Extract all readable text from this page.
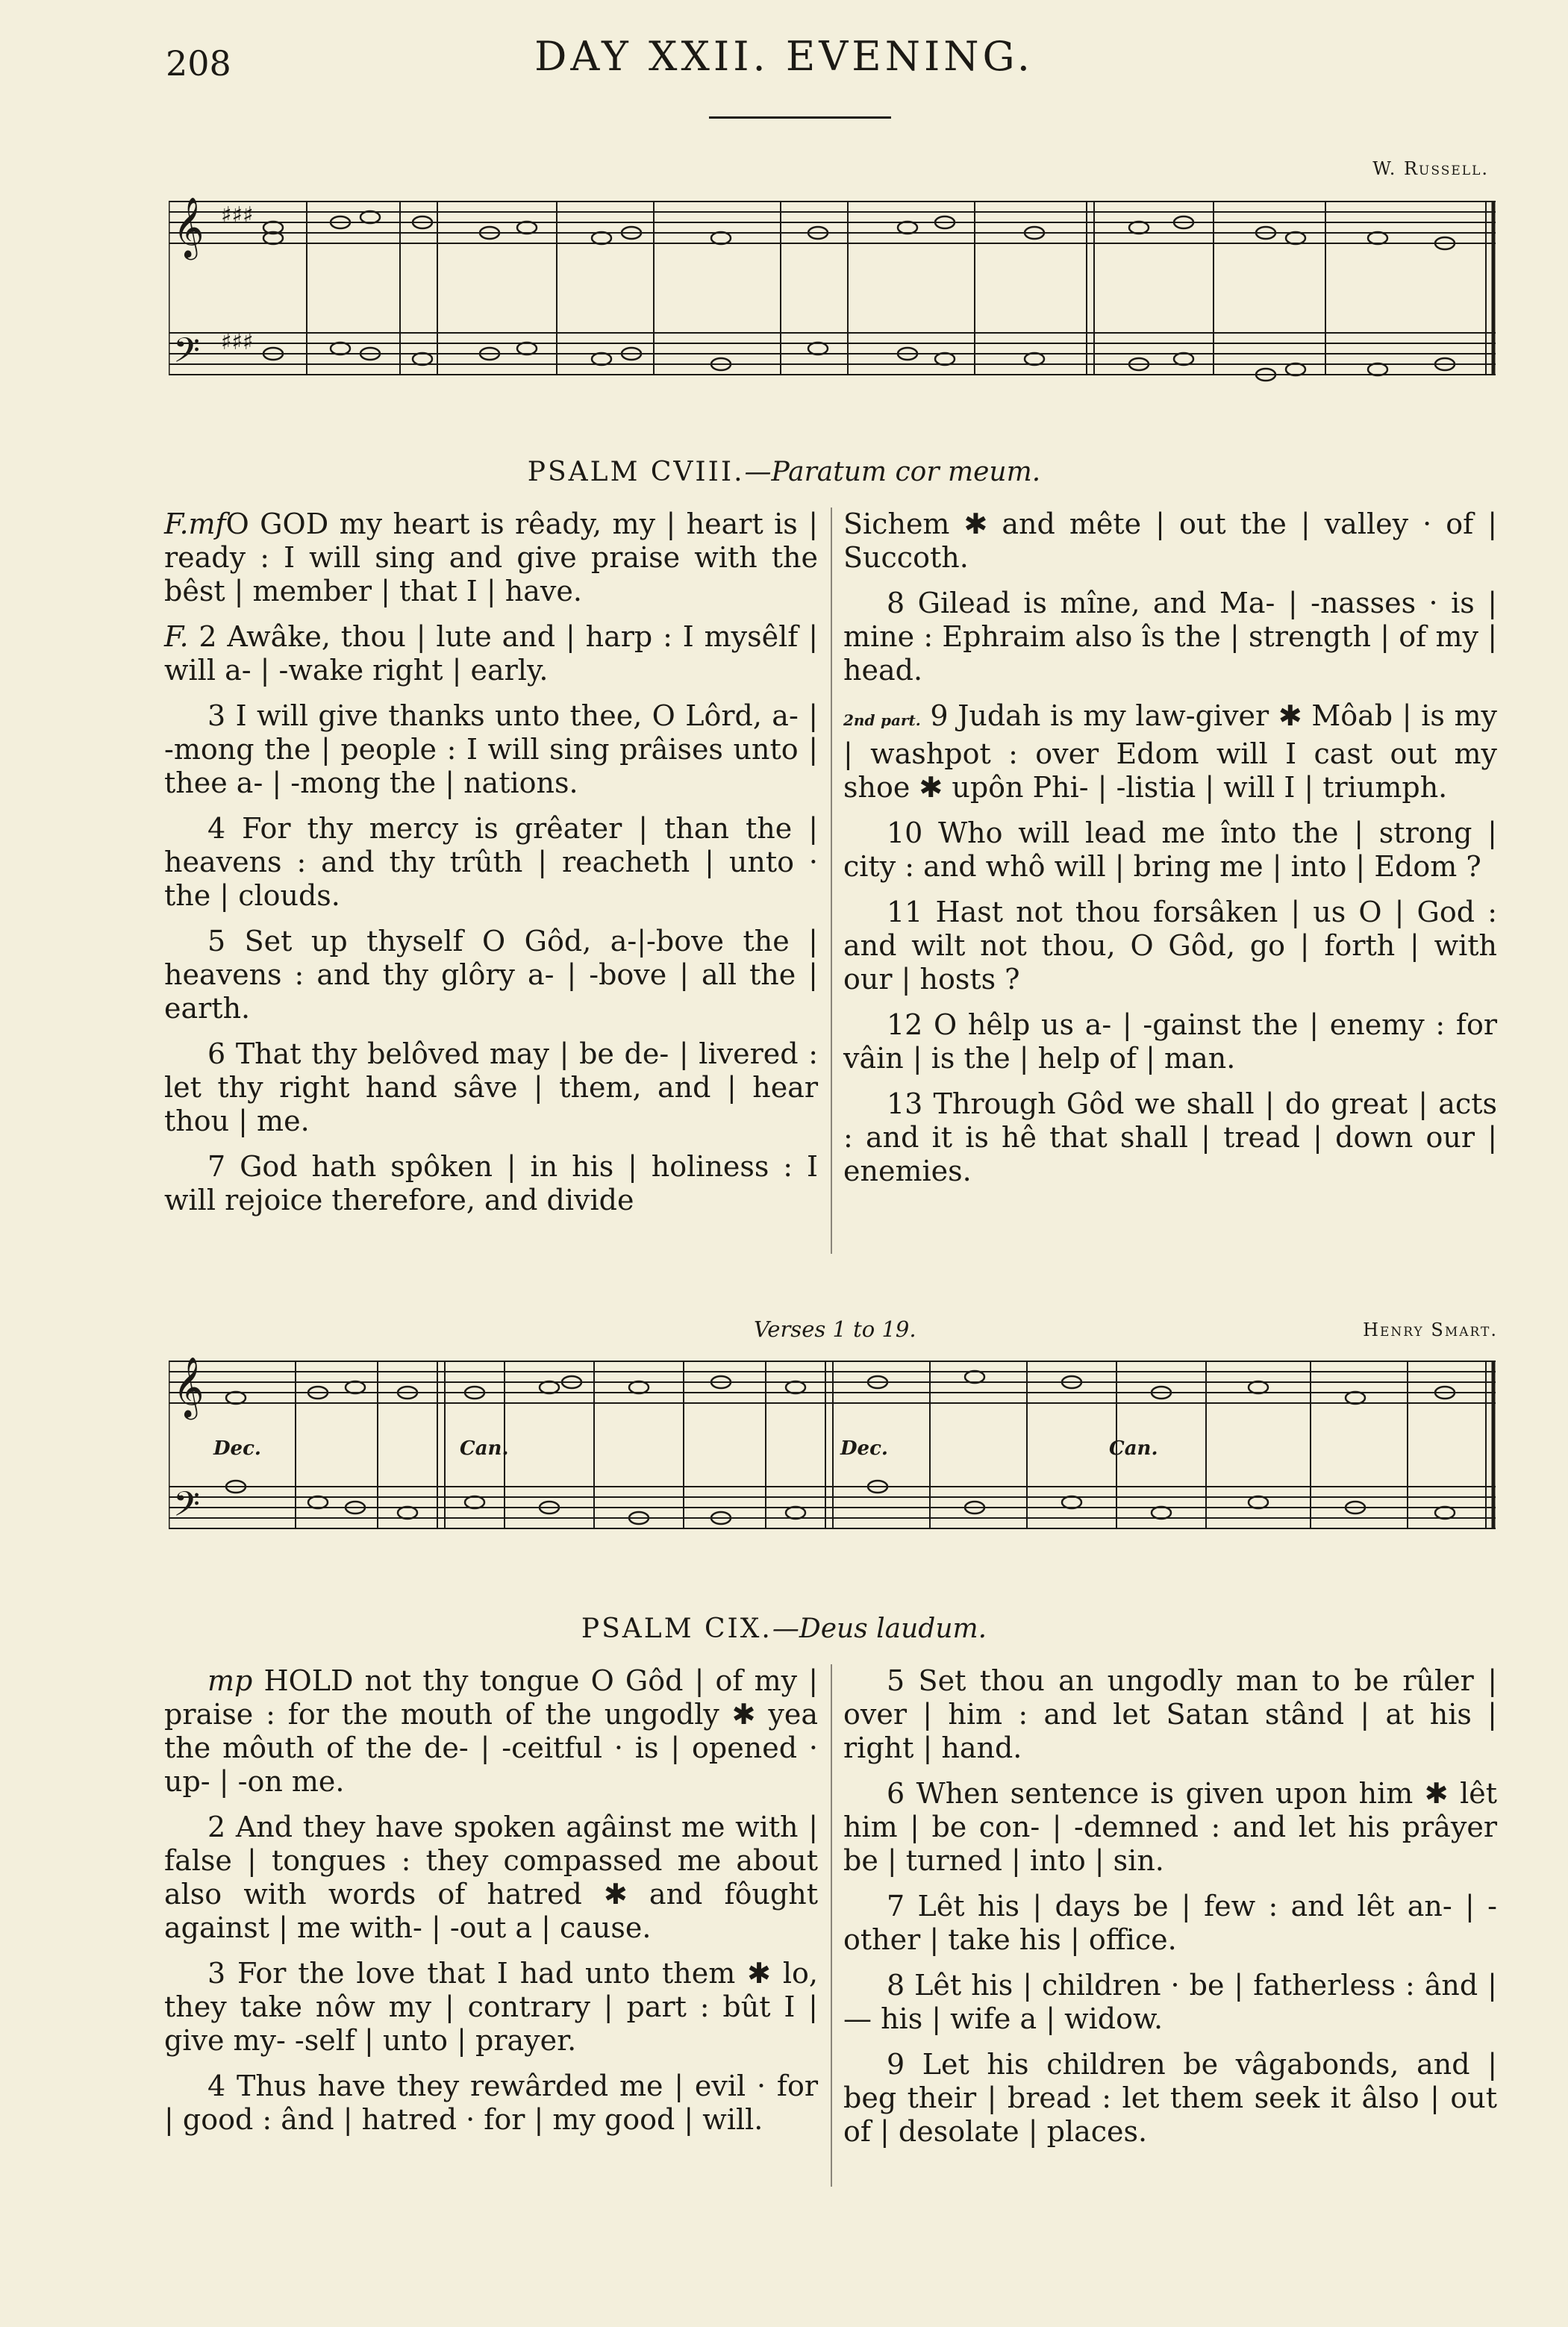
208	DAY XXII. EVENING.
W. Russell.
𝄞
𝄢
♯♯♯
♯♯♯
PSALM CVIII.—Paratum cor meum.

F.mfO GOD my heart is rêady, my | heart is | ready : I will sing and give praise with the bêst | member | that I | have.

F. 2 Awâke, thou | lute and | harp : I mysêlf | will a- | -wake right | early.

3 I will give thanks unto thee, O Lôrd, a- | -mong the | people : I will sing prâises unto | thee a- | -mong the | nations.

4 For thy mercy is grêater | than the | heavens : and thy trûth | reacheth | unto · the | clouds.

5 Set up thyself O Gôd, a-|-bove the | heavens : and thy glôry a- | -bove | all the | earth.

6 That thy belôved may | be de- | livered : let thy right hand sâve | them, and | hear thou | me.

7 God hath spôken | in his | holiness : I will rejoice therefore, and divide

Sichem ✱ and mête | out the | valley · of | Succoth.

8 Gilead is mîne, and Ma- | -nasses · is | mine : Ephraim also îs the | strength | of my | head.

2nd part. 9 Judah is my law-giver ✱ Môab | is my | washpot : over Edom will I cast out my shoe ✱ upôn Phi- | -listia | will I | triumph.

10 Who will lead me înto the | strong | city : and whô will | bring me | into | Edom ?

11 Hast not thou forsâken | us O | God : and wilt not thou, O Gôd, go | forth | with our | hosts ?

12 O hêlp us a- | -gainst the | enemy : for vâin | is the | help of | man.

13 Through Gôd we shall | do great | acts : and it is hê that shall | tread | down our | enemies.

Verses 1 to 19.	Henry Smart.
𝄞
𝄢
Dec.	Can.	Dec.	Can.
PSALM CIX.—Deus laudum.

mp HOLD not thy tongue O Gôd | of my | praise : for the mouth of the ungodly ✱ yea the môuth of the de- | -ceitful · is | opened · up- | -on me.

2 And they have spoken agâinst me with | false | tongues : they compassed me about also with words of hatred ✱ and fôught against | me with- | -out a | cause.

3 For the love that I had unto them ✱ lo, they take nôw my | contrary | part : bût I | give my- -self | unto | prayer.

4 Thus have they rewârded me | evil · for | good : ând | hatred · for | my good | will.

5 Set thou an ungodly man to be rûler | over | him : and let Satan stând | at his | right | hand.

6 When sentence is given upon him ✱ lêt him | be con- | -demned : and let his prâyer be | turned | into | sin.

7 Lêt his | days be | few : and lêt an- | -other | take his | office.

8 Lêt his | children · be | fatherless : ând | — his | wife a | widow.

9 Let his children be vâgabonds, and | beg their | bread : let them seek it âlso | out of | desolate | places.
